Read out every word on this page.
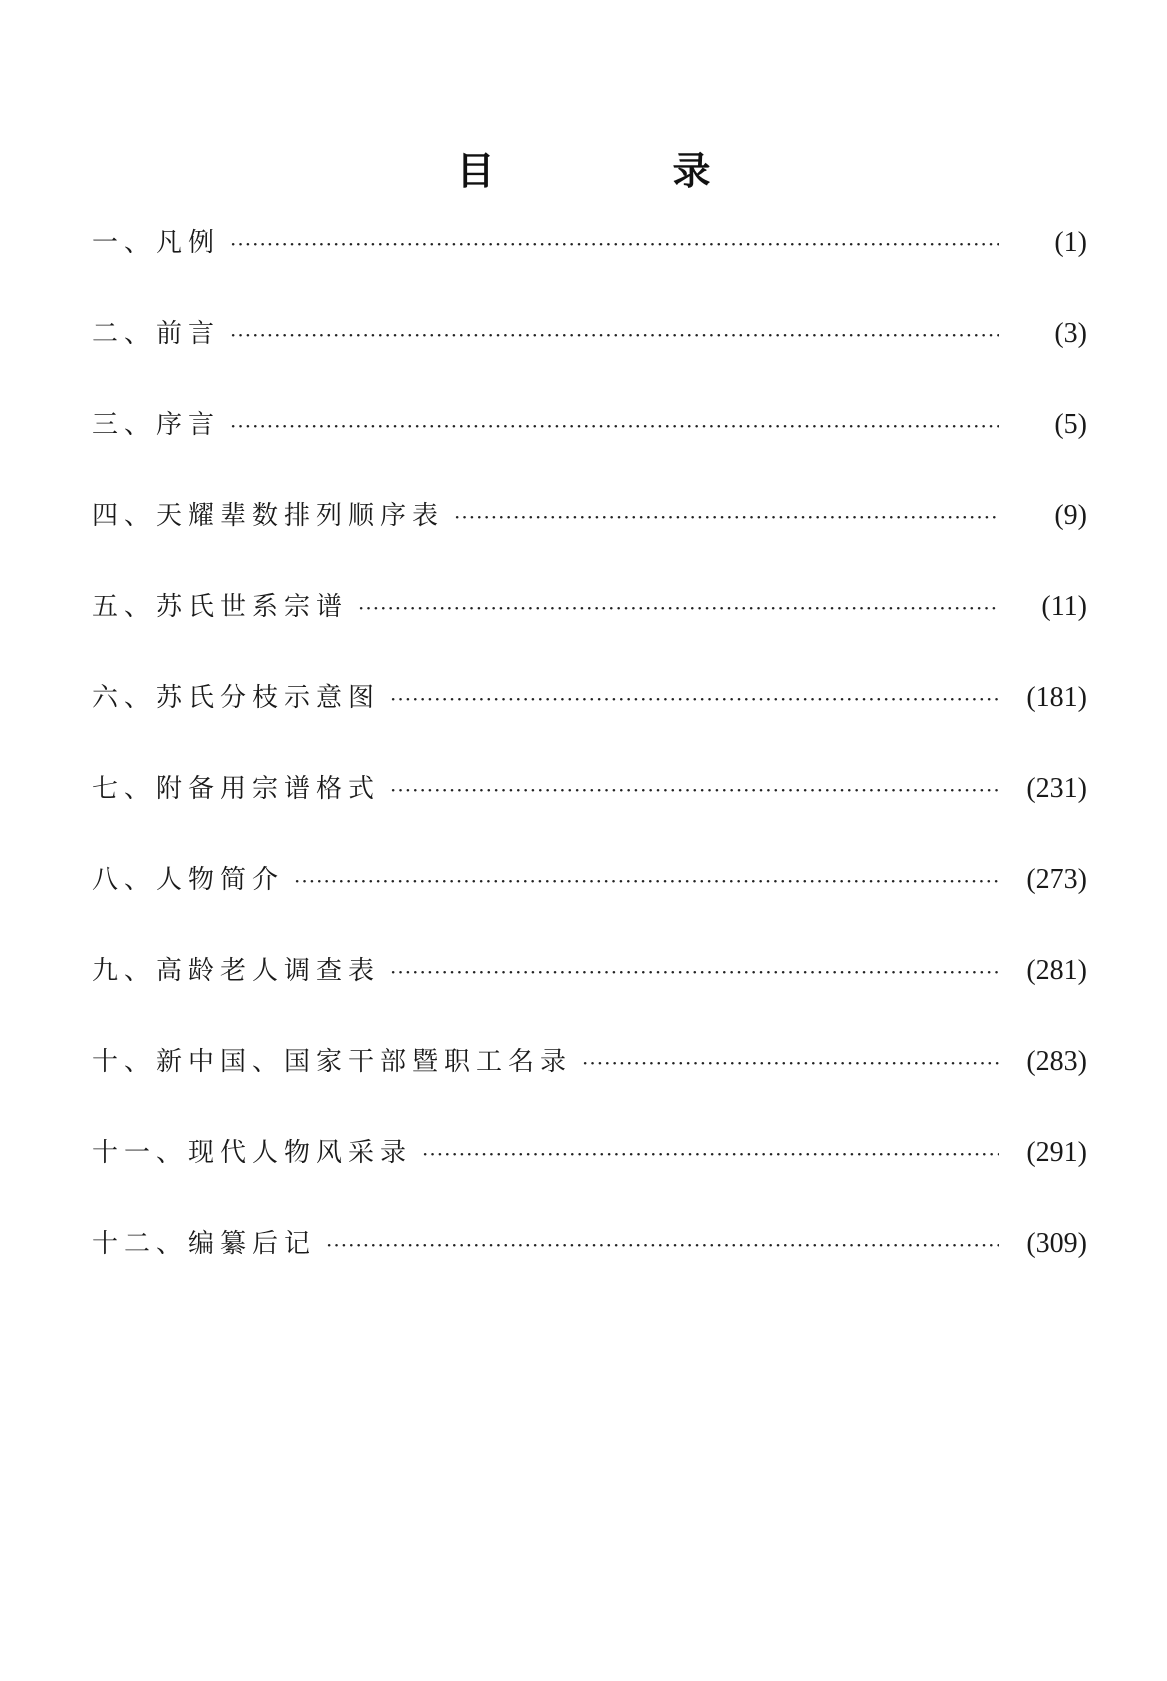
目　录
一、凡例 ·····	(1)
二、前言 ·····	(3)
三、序言 ·····	(5)
四、天耀辈数排列顺序表 ·····	(9)
五、苏氏世系宗谱 ·····	(11)
六、苏氏分枝示意图 ·····	(181)
七、附备用宗谱格式 ·····	(231)
八、人物简介 ·····	(273)
九、高龄老人调查表 ·····	(281)
十、新中国、国家干部暨职工名录 ·····	(283)
十一、现代人物风采录 ·····	(291)
十二、编纂后记 ·····	(309)
